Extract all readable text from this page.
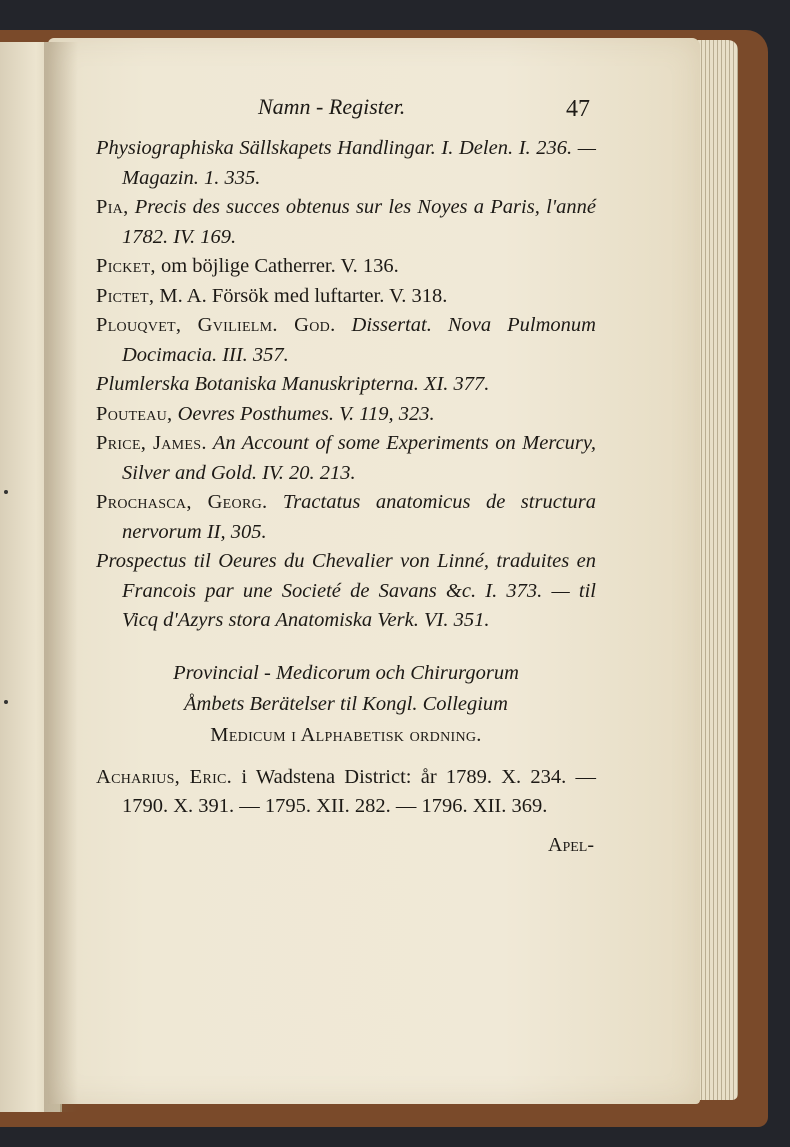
Namn - Register.	47
Physiographiska Sällskapets Handlingar. I. Delen. I. 236. — Magazin. 1. 335.
Pia, Precis des succes obtenus sur les Noyes a Paris, l'anné 1782. IV. 169.
Picket, om böjlige Catherrer. V. 136.
Pictet, M. A. Försök med luftarter. V. 318.
Plouqvet, Gvilielm. God. Dissertat. Nova Pulmonum Docimacia. III. 357.
Plumlerska Botaniska Manuskripterna. XI. 377.
Pouteau, Oevres Posthumes. V. 119, 323.
Price, James. An Account of some Experiments on Mercury, Silver and Gold. IV. 20. 213.
Prochasca, Georg. Tractatus anatomicus de structura nervorum II, 305.
Prospectus til Oeures du Chevalier von Linné, traduites en Francois par une Societé de Savans &c. I. 373. — til Vicq d'Azyrs stora Anatomiska Verk. VI. 351.
Provincial - Medicorum och Chirurgorum
Åmbets Berätelser til Kongl. Collegium
Medicum i Alphabetisk ordning.
Acharius, Eric. i Wadstena District: år 1789. X. 234. — 1790. X. 391. — 1795. XII. 282. — 1796. XII. 369.
Apel-
